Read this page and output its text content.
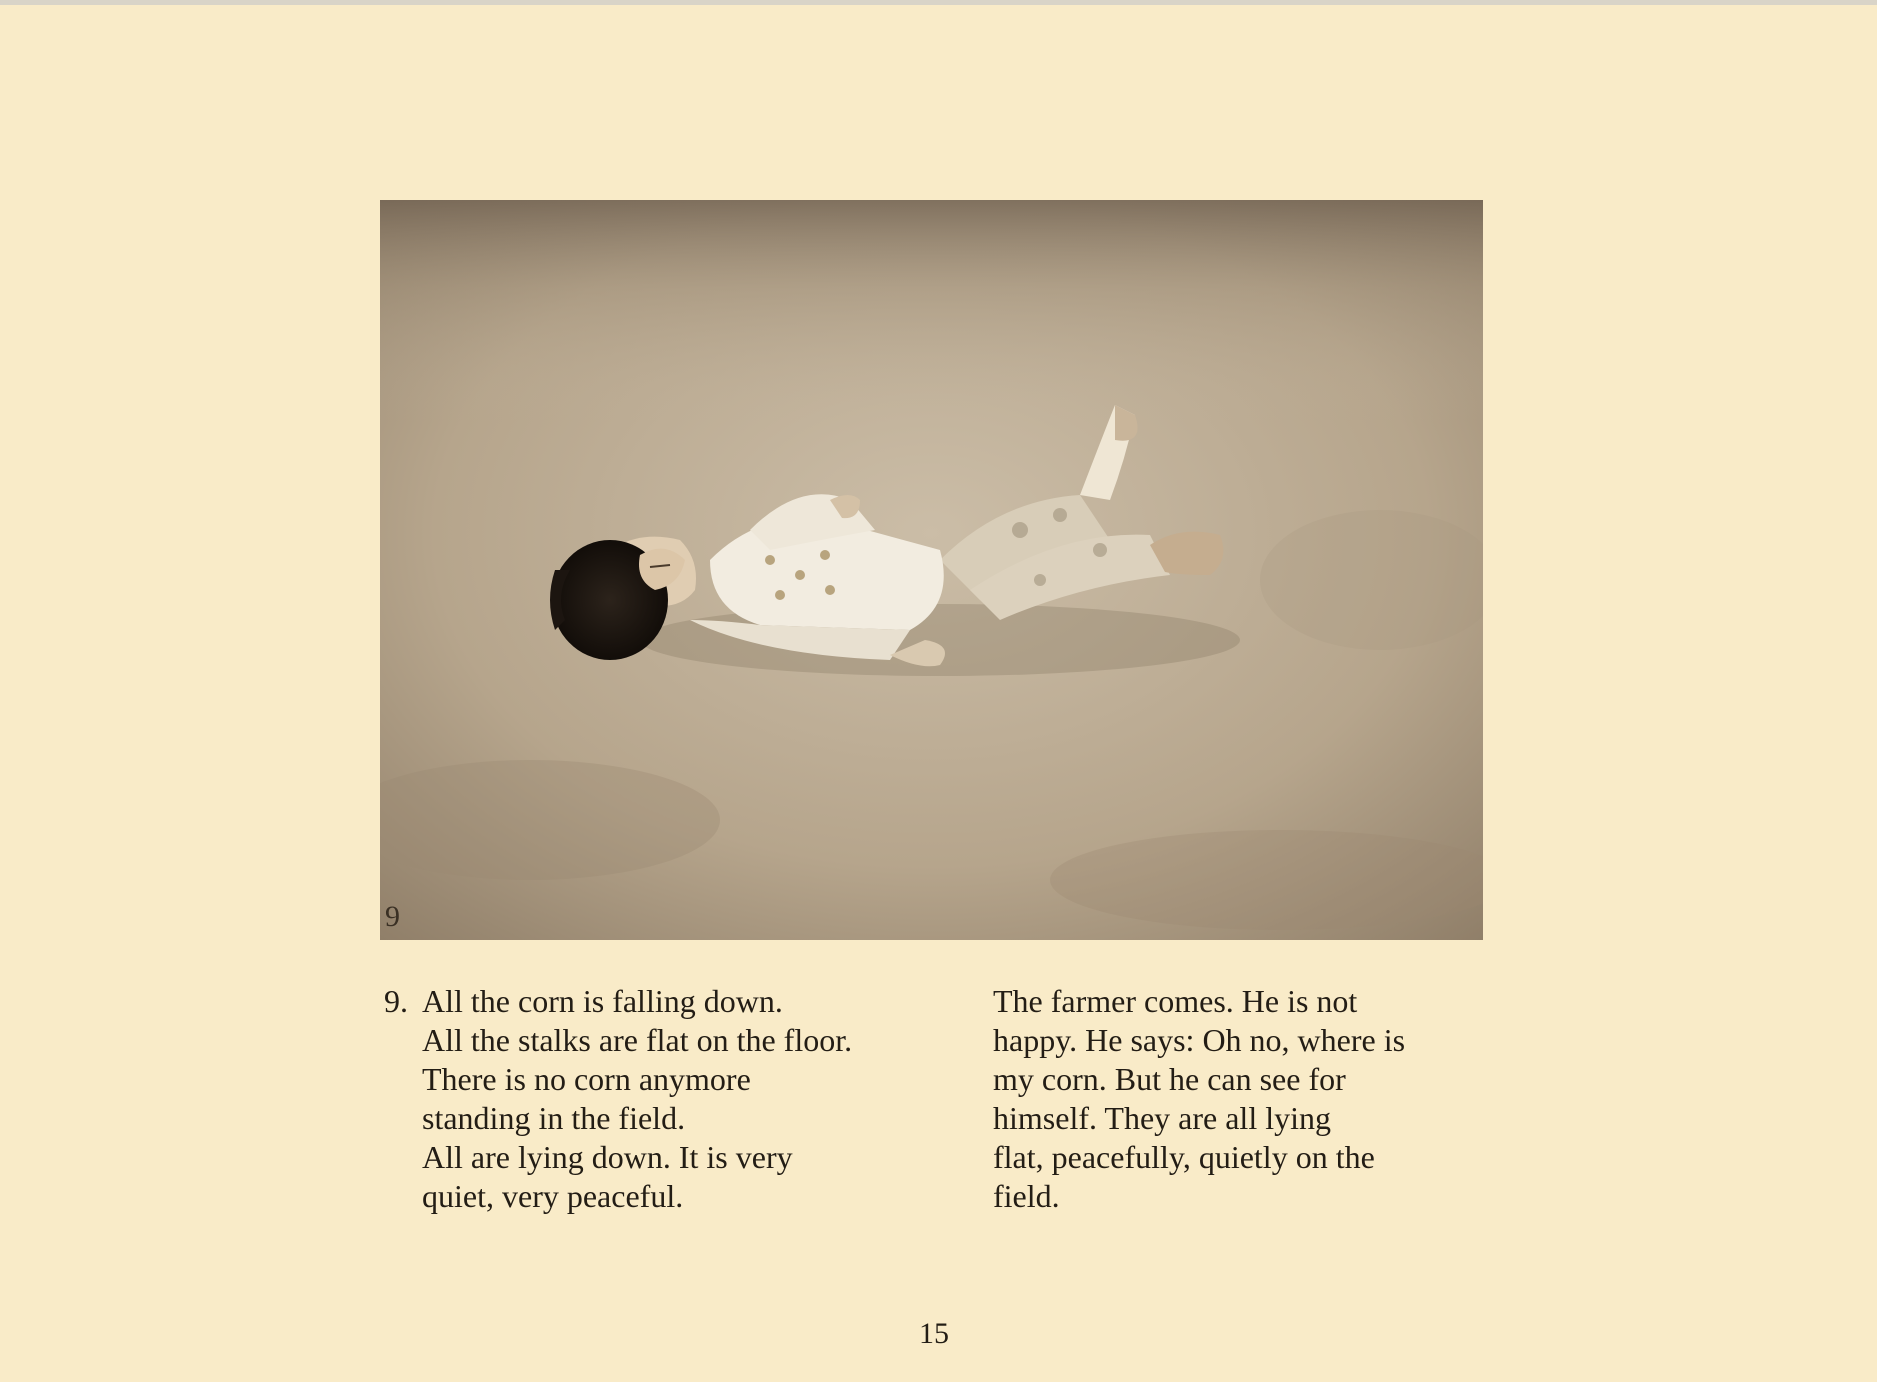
9
9. All the corn is falling down.
All the stalks are flat on the floor.
There is no corn anymore
standing in the field.
All are lying down. It is very
quiet, very peaceful.
The farmer comes. He is not
happy. He says: Oh no, where is
my corn. But he can see for
himself. They are all lying
flat, peacefully, quietly on the
field.
15
